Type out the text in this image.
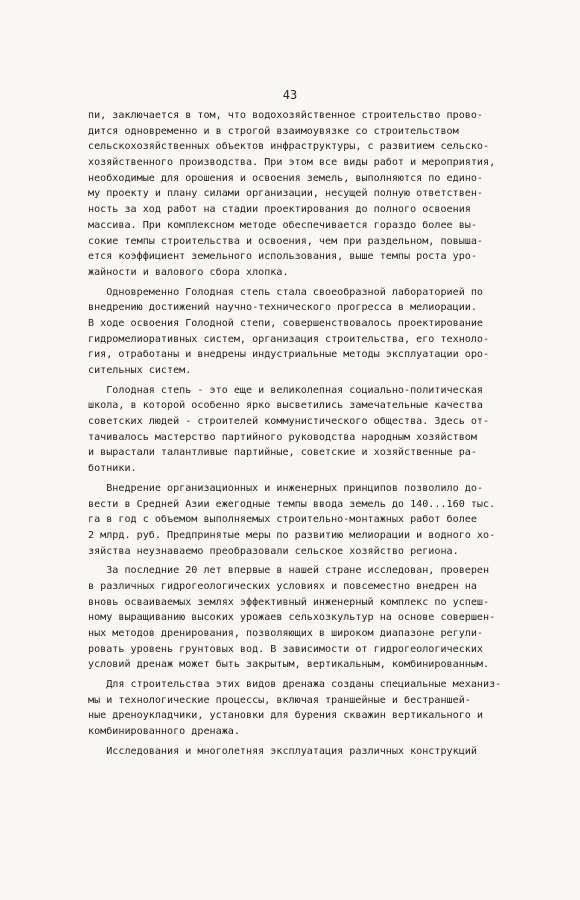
43
пи, заключается в том, что водохозяйственное строительство прово-
дится одновременно и в строгой взаимоувязке со строительством
сельскохозяйственных объектов инфраструктуры, с развитием сельско-
хозяйственного производства. При этом все виды работ и мероприятия,
необходимые для орошения и освоения земель, выполняются по едино-
му проекту и плану силами организации, несущей полную ответствен-
ность за ход работ на стадии проектирования до полного освоения
массива. При комплексном методе обеспечивается гораздо более вы-
сокие темпы строительства и освоения, чем при раздельном, повыша-
ется коэффициент земельного использования, выше темпы роста уро-
жайности и валового сбора хлопка.
Одновременно Голодная степь стала своеобразной лабораторией по
внедрению достижений научно-технического прогресса в мелиорации.
В ходе освоения Голодной степи, совершенствовалось проектирование
гидромелиоративных систем, организация строительства, его техноло-
гия, отработаны и внедрены индустриальные методы эксплуатации оро-
сительных систем.
Голодная степь - это еще и великолепная социально-политическая
школа, в которой особенно ярко высветились замечательные качества
советских людей - строителей коммунистического общества. Здесь от-
тачивалось мастерство партийного руководства народным хозяйством
и вырастали талантливые партийные, советские и хозяйственные ра-
ботники.
Внедрение организационных и инженерных принципов позволило до-
вести в Средней Азии ежегодные темпы ввода земель до 140...160 тыс.
га в год с объемом выполняемых строительно-монтажных работ более
2 млрд. руб. Предпринятые меры по развитию мелиорации и водного хо-
зяйства неузнаваемо преобразовали сельское хозяйство региона.
За последние 20 лет впервые в нашей стране исследован, проверен
в различных гидрогеологических условиях и повсеместно внедрен на
вновь осваиваемых землях эффективный инженерный комплекс по успеш-
ному выращиванию высоких урожаев сельхозкультур на основе совершен-
ных методов дренирования, позволяющих в широком диапазоне регули-
ровать уровень грунтовых вод. В зависимости от гидрогеологических
условий дренаж может быть закрытым, вертикальным, комбинированным.
Для строительства этих видов дренажа созданы специальные механиз-
мы и технологические процессы, включая траншейные и бестраншей-
ные дреноукладчики, установки для бурения скважин вертикального и
комбинированного дренажа.
Исследования и многолетняя эксплуатация различных конструкций
